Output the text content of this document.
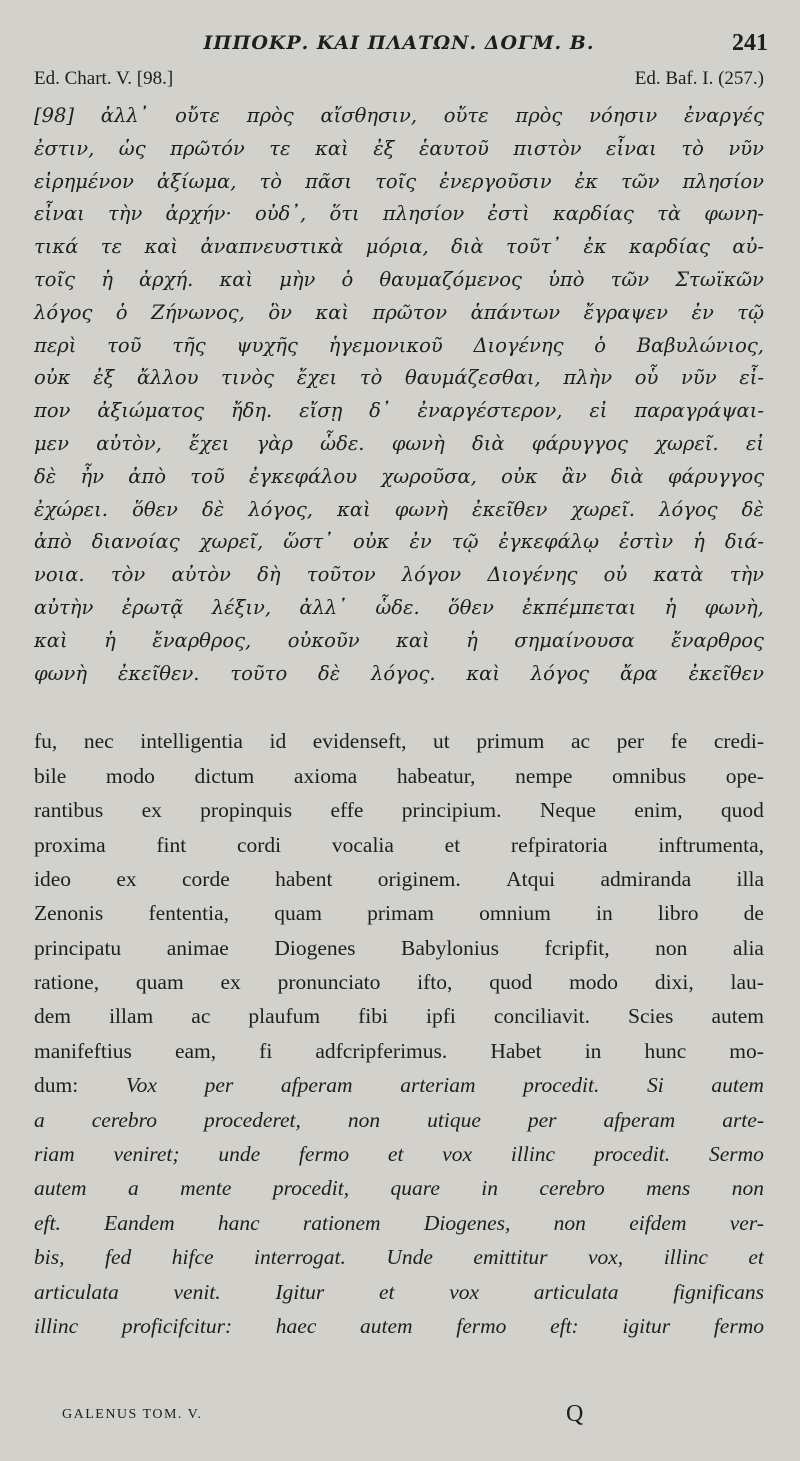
ΙΠΠΟΚΡ. ΚΑΙ ΠΛΑΤΩΝ. ΔΟΓΜ. Β.	241
Ed. Chart. V. [98.]	Ed. Baf. I. (257.)
[98] ἀλλ᾿ οὔτε πρὸς αἴσθησιν, οὔτε πρὸς νόησιν ἐναργές
ἐστιν, ὡς πρῶτόν τε καὶ ἐξ ἑαυτοῦ πιστὸν εἶναι τὸ νῦν
εἰρημένον ἀξίωμα, τὸ πᾶσι τοῖς ἐνεργοῦσιν ἐκ τῶν πλησίον
εἶναι τὴν ἀρχήν· οὐδ᾿, ὅτι πλησίον ἐστὶ καρδίας τὰ φωνη-
τικά τε καὶ ἀναπνευστικὰ μόρια, διὰ τοῦτ᾿ ἐκ καρδίας αὐ-
τοῖς ἡ ἀρχή. καὶ μὴν ὁ θαυμαζόμενος ὑπὸ τῶν Στωϊκῶν
λόγος ὁ Ζήνωνος, ὃν καὶ πρῶτον ἁπάντων ἔγραψεν ἐν τῷ
περὶ τοῦ τῆς ψυχῆς ἡγεμονικοῦ Διογένης ὁ Βαβυλώνιος,
οὐκ ἐξ ἄλλου τινὸς ἔχει τὸ θαυμάζεσθαι, πλὴν οὗ νῦν εἶ-
πον ἀξιώματος ἤδη. εἴσῃ δ᾿ ἐναργέστερον, εἰ παραγράψαι-
μεν αὐτὸν, ἔχει γὰρ ὧδε. φωνὴ διὰ φάρυγγος χωρεῖ. εἰ
δὲ ἦν ἀπὸ τοῦ ἐγκεφάλου χωροῦσα, οὐκ ἂν διὰ φάρυγγος
ἐχώρει. ὅθεν δὲ λόγος, καὶ φωνὴ ἐκεῖθεν χωρεῖ. λόγος δὲ
ἀπὸ διανοίας χωρεῖ, ὥστ᾿ οὐκ ἐν τῷ ἐγκεφάλῳ ἐστὶν ἡ διά-
νοια. τὸν αὐτὸν δὴ τοῦτον λόγον Διογένης οὐ κατὰ τὴν
αὐτὴν ἐρωτᾷ λέξιν, ἀλλ᾿ ὧδε. ὅθεν ἐκπέμπεται ἡ φωνὴ,
καὶ ἡ ἔναρθρος, οὐκοῦν καὶ ἡ σημαίνουσα ἔναρθρος
φωνὴ ἐκεῖθεν. τοῦτο δὲ λόγος. καὶ λόγος ἄρα ἐκεῖθεν
fu, nec intelligentia id evidenseft, ut primum ac per fe credi-
bile modo dictum axioma habeatur, nempe omnibus ope-
rantibus ex propinquis effe principium. Neque enim, quod
proxima fint cordi vocalia et refpiratoria inftrumenta,
ideo ex corde habent originem. Atqui admiranda illa
Zenonis fententia, quam primam omnium in libro de
principatu animae Diogenes Babylonius fcripfit, non alia
ratione, quam ex pronunciato ifto, quod modo dixi, lau-
dem illam ac plaufum fibi ipfi conciliavit. Scies autem
manifeftius eam, fi adfcripferimus. Habet in hunc mo-
dum: Vox per afperam arteriam procedit. Si autem
a cerebro procederet, non utique per afperam arte-
riam veniret; unde fermo et vox illinc procedit. Sermo
autem a mente procedit, quare in cerebro mens non
eft. Eandem hanc rationem Diogenes, non eifdem ver-
bis, fed hifce interrogat. Unde emittitur vox, illinc et
articulata	venit.	Igitur	et	vox	articulata	fignificans
illinc proficifcitur: haec autem fermo eft: igitur fermo
GALENUS TOM. V.	Q
